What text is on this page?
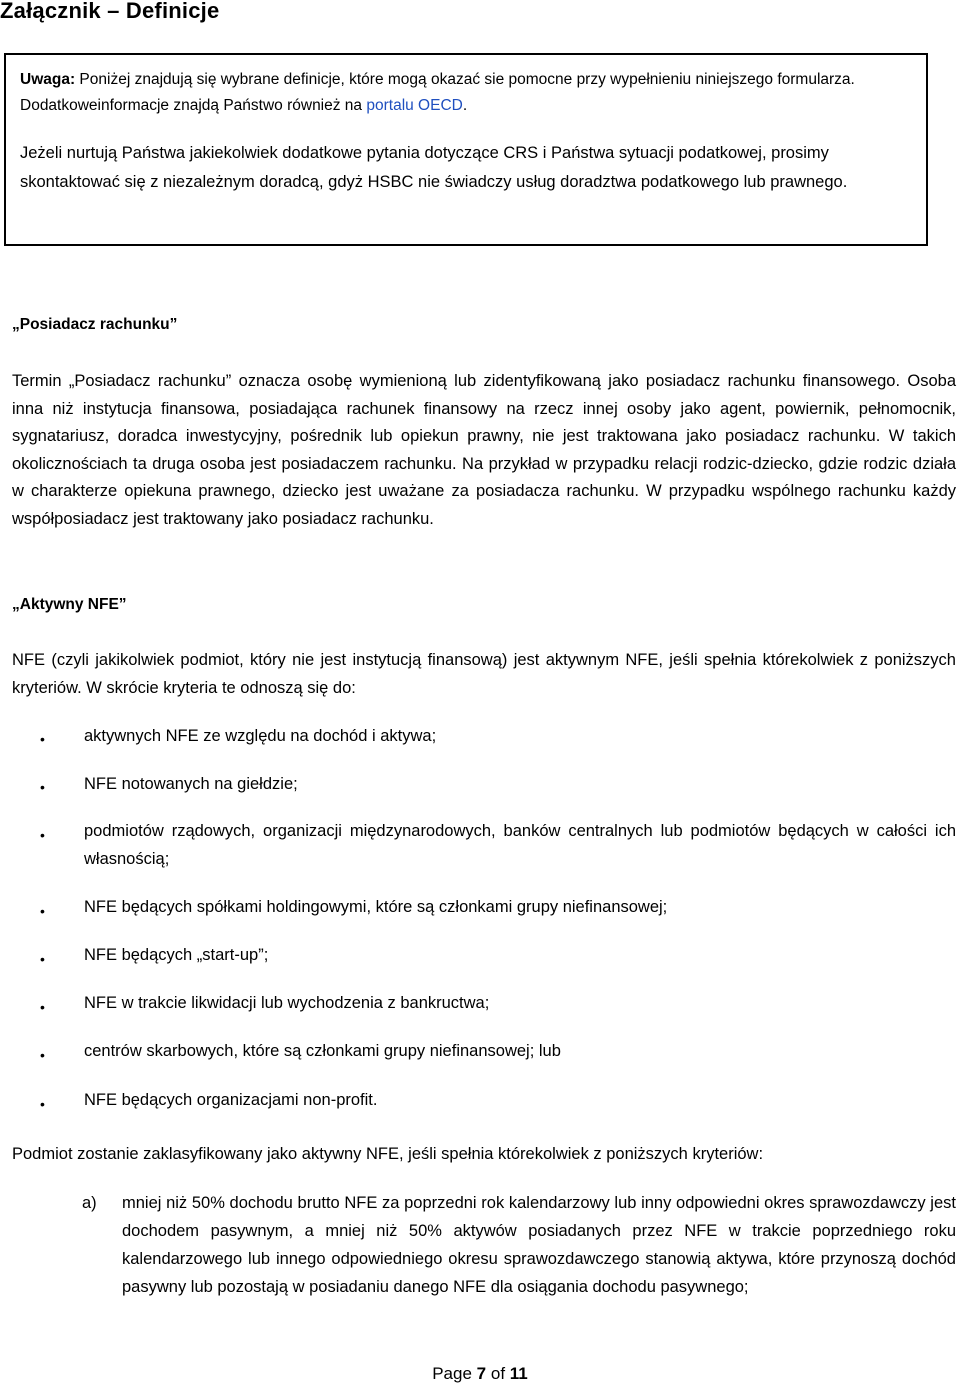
Załącznik – Definicje
Uwaga: Poniżej znajdują się wybrane definicje, które mogą okazać sie pomocne przy wypełnieniu niniejszego formularza. Dodatkoweinformacje znajdą Państwo również na portalu OECD.
Jeżeli nurtują Państwa jakiekolwiek dodatkowe pytania dotyczące CRS i Państwa sytuacji podatkowej, prosimy skontaktować się z niezależnym doradcą, gdyż HSBC nie świadczy usług doradztwa podatkowego lub prawnego.
„Posiadacz rachunku”
Termin „Posiadacz rachunku” oznacza osobę wymienioną lub zidentyfikowaną jako posiadacz rachunku finansowego. Osoba inna niż instytucja finansowa, posiadająca rachunek finansowy na rzecz innej osoby jako agent, powiernik, pełnomocnik, sygnatariusz, doradca inwestycyjny, pośrednik lub opiekun prawny, nie jest traktowana jako posiadacz rachunku. W takich okolicznościach ta druga osoba jest posiadaczem rachunku. Na przykład w przypadku relacji rodzic-dziecko, gdzie rodzic działa w charakterze opiekuna prawnego, dziecko jest uważane za posiadacza rachunku. W przypadku wspólnego rachunku każdy współposiadacz jest traktowany jako posiadacz rachunku.
„Aktywny NFE”
NFE (czyli jakikolwiek podmiot, który nie jest instytucją finansową) jest aktywnym NFE, jeśli spełnia którekolwiek z poniższych kryteriów. W skrócie kryteria te odnoszą się do:
• aktywnych NFE ze względu na dochód i aktywa;
• NFE notowanych na giełdzie;
• podmiotów rządowych, organizacji międzynarodowych, banków centralnych lub podmiotów będących w całości ich własnością;
• NFE będących spółkami holdingowymi, które są członkami grupy niefinansowej;
• NFE będących „start-up”;
• NFE w trakcie likwidacji lub wychodzenia z bankructwa;
• centrów skarbowych, które są członkami grupy niefinansowej; lub
• NFE będących organizacjami non-profit.
Podmiot zostanie zaklasyfikowany jako aktywny NFE, jeśli spełnia którekolwiek z poniższych kryteriów:
a) mniej niż 50% dochodu brutto NFE za poprzedni rok kalendarzowy lub inny odpowiedni okres sprawozdawczy jest dochodem pasywnym, a mniej niż 50% aktywów posiadanych przez NFE w trakcie poprzedniego roku kalendarzowego lub innego odpowiedniego okresu sprawozdawczego stanowią aktywa, które przynoszą dochód pasywny lub pozostają w posiadaniu danego NFE dla osiągania dochodu pasywnego;
Page 7 of 11
